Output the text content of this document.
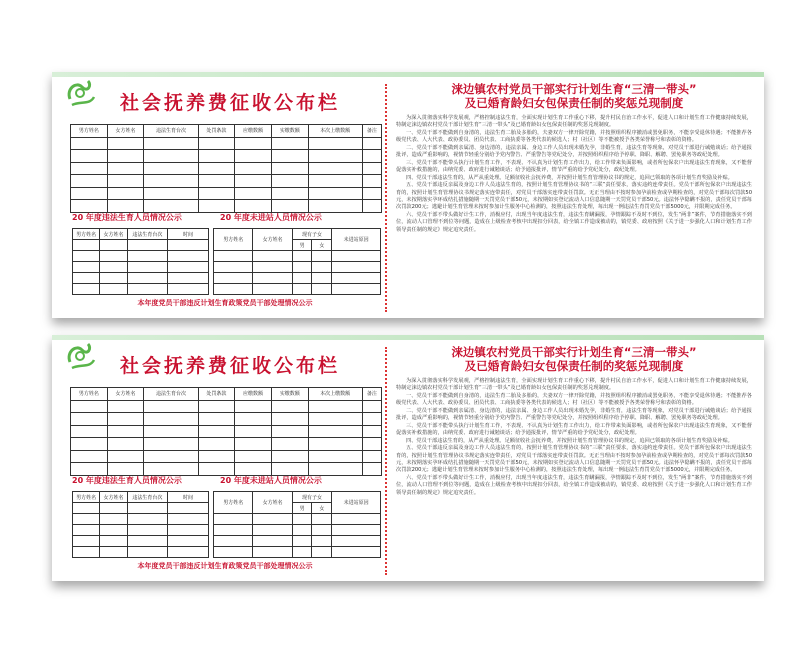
社会抚养费征收公布栏
男方姓名	女方姓名	违法生育台次	处罚条款	应缴数额	实缴数额	本次上缴数额	备注

20 年度违法生育人员情况公示	20 年度未进站人员情况公示
男方姓名	女方姓名	违法生育台次	时间

男方姓名	女方姓名	现有子女		未进站原因
		男	女	

本年度党员干部违反计划生育政策党员干部处理情况公示
涞边镇农村党员干部实行计划生育“三清一带头”
及已婚育龄妇女包保责任制的奖惩兑现制度

为深入贯彻落实科学发展观，严格控制违法生育，全面实现计划生育工作重心下移，提升村民自治工作水平，促进人口和计划生育工作健康持续发展，特制定涞边镇农村党员干部计划生育“三清一带头”及已婚育龄妇女包保责任制的奖惩兑现制度。

一、党员干部不能做到自身清的，违法生育二胎及多胎的，夫妻双方一律开除党籍，并按照组织程序撤消或罢免职务，不能享受退休待遇；不能推荐各级党代表、人大代表、政协委员、团员代表、工商执委等各类代表的候选人；村（社区）等不能被授予各类荣誉称号和表彰的资格。

二、党员干部不能做到亲属清、身边清的，违法亲属、身边工作人员出现未婚先孕，非婚生育，违法生育等现象，对党员干部进行诫勉谈话；给予通报批评，造成严重影响的，视情节轻重分别给予党内警告、严重警告等党纪处分，并按照组织程序给予停职、降职、解聘、罢免职务等政纪处理。

三、党员干部不能带头执行计划生育工作，不表现、不认真为计划生育工作出力，给工作带来负面影响，或者所包保农户出现违法生育现象，又不能督促落实补救措施的，由纳党委、政府进行诫勉谈话；给予通报批评，情节严重的给予党纪处分，政纪处理。

四、党员干部违法生育的，从严从重处理。足额征收社会抚养费，并按照计划生育管理协议书的规定，追回已领取的各项计划生育奖励及补贴。

五、党员干部违反亲属及身边工作人员违法生育的，按照计划生育管理协议书的“三联”责任要求，落实违约连带责任。党员干部所包保农户出现违法生育的，按照计划生育管理协议书规定落实连带责任，对党员干部落实连带责任罚款。无正当理由不按时参加孕前检查或孕期检查的，对党员干部每次罚款50元，未按期落实孕环成结扎措施随期一天罚党员干部50元，未按期如实登记流动人口信息随期一天罚党员干部50元。违法怀孕隐瞒不报的，责任党员干部每次罚款200元；逃避计划生育管理未按时参加计生服务中心检测的，按照违法生育处理，每出现一例违法生育罚党员干部5000元，并限期完成任务。

六、党员干部不带头做好计生工作，消极应付，出现当年度违法生育，违法生育瞒漏报，孕情跟踪不及时不到位，发生“两非”案件，节育措施落实不到位，流动人口管理不到位等问题，造成在上级检查考核中出现扣分回表，给全镇工作造成被动的，镇党委、政府按照《关于进一步强化人口和计划生育工作领导责任制的规定》规定追究责任。

社会抚养费征收公布栏
男方姓名	女方姓名	违法生育台次	处罚条款	应缴数额	实缴数额	本次上缴数额	备注

20 年度违法生育人员情况公示	20 年度未进站人员情况公示
男方姓名	女方姓名	违法生育台次	时间

男方姓名	女方姓名	现有子女		未进站原因
		男	女	

本年度党员干部违反计划生育政策党员干部处理情况公示
涞边镇农村党员干部实行计划生育“三清一带头”
及已婚育龄妇女包保责任制的奖惩兑现制度

为深入贯彻落实科学发展观，严格控制违法生育，全面实现计划生育工作重心下移，提升村民自治工作水平，促进人口和计划生育工作健康持续发展，特制定涞边镇农村党员干部计划生育“三清一带头”及已婚育龄妇女包保责任制的奖惩兑现制度。

一、党员干部不能做到自身清的，违法生育二胎及多胎的，夫妻双方一律开除党籍，并按照组织程序撤消或罢免职务，不能享受退休待遇；不能推荐各级党代表、人大代表、政协委员、团员代表、工商执委等各类代表的候选人；村（社区）等不能被授予各类荣誉称号和表彰的资格。

二、党员干部不能做到亲属清、身边清的，违法亲属、身边工作人员出现未婚先孕，非婚生育，违法生育等现象，对党员干部进行诫勉谈话；给予通报批评，造成严重影响的，视情节轻重分别给予党内警告、严重警告等党纪处分，并按照组织程序给予停职、降职、解聘、罢免职务等政纪处理。

三、党员干部不能带头执行计划生育工作，不表现、不认真为计划生育工作出力，给工作带来负面影响，或者所包保农户出现违法生育现象，又不能督促落实补救措施的，由纳党委、政府进行诫勉谈话；给予通报批评，情节严重的给予党纪处分，政纪处理。

四、党员干部违法生育的，从严从重处理。足额征收社会抚养费，并按照计划生育管理协议书的规定，追回已领取的各项计划生育奖励及补贴。

五、党员干部违反亲属及身边工作人员违法生育的，按照计划生育管理协议书的“三联”责任要求，落实违约连带责任。党员干部所包保农户出现违法生育的，按照计划生育管理协议书规定落实连带责任，对党员干部落实连带责任罚款。无正当理由不按时参加孕前检查或孕期检查的，对党员干部每次罚款50元，未按期落实孕环成结扎措施随期一天罚党员干部50元，未按期如实登记流动人口信息随期一天罚党员干部50元。违法怀孕隐瞒不报的，责任党员干部每次罚款200元；逃避计划生育管理未按时参加计生服务中心检测的，按照违法生育处理，每出现一例违法生育罚党员干部5000元，并限期完成任务。

六、党员干部不带头做好计生工作，消极应付，出现当年度违法生育，违法生育瞒漏报，孕情跟踪不及时不到位，发生“两非”案件，节育措施落实不到位，流动人口管理不到位等问题，造成在上级检查考核中出现扣分回表，给全镇工作造成被动的，镇党委、政府按照《关于进一步强化人口和计划生育工作领导责任制的规定》规定追究责任。
